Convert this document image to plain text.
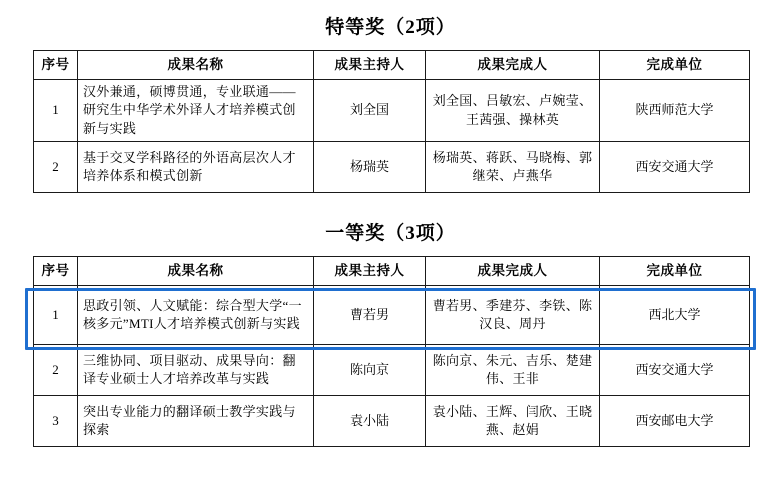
特等奖（2项）
序号	成果名称	成果主持人	成果完成人	完成单位
1	汉外兼通，硕博贯通，专业联通——研究生中华学术外译人才培养模式创新与实践	刘全国	刘全国、吕敏宏、卢婉莹、王茜强、操林英	陕西师范大学
2	基于交叉学科路径的外语高层次人才培养体系和模式创新	杨瑞英	杨瑞英、蒋跃、马晓梅、郭继荣、卢燕华	西安交通大学
一等奖（3项）
序号	成果名称	成果主持人	成果完成人	完成单位
1	思政引领、人文赋能：综合型大学“一核多元”MTI人才培养模式创新与实践	曹若男	曹若男、季建芬、李铁、陈汉良、周丹	西北大学
2	三维协同、项目驱动、成果导向：翻译专业硕士人才培养改革与实践	陈向京	陈向京、朱元、吉乐、楚建伟、王非	西安交通大学
3	突出专业能力的翻译硕士教学实践与探索	袁小陆	袁小陆、王辉、闫欣、王晓燕、赵娟	西安邮电大学
